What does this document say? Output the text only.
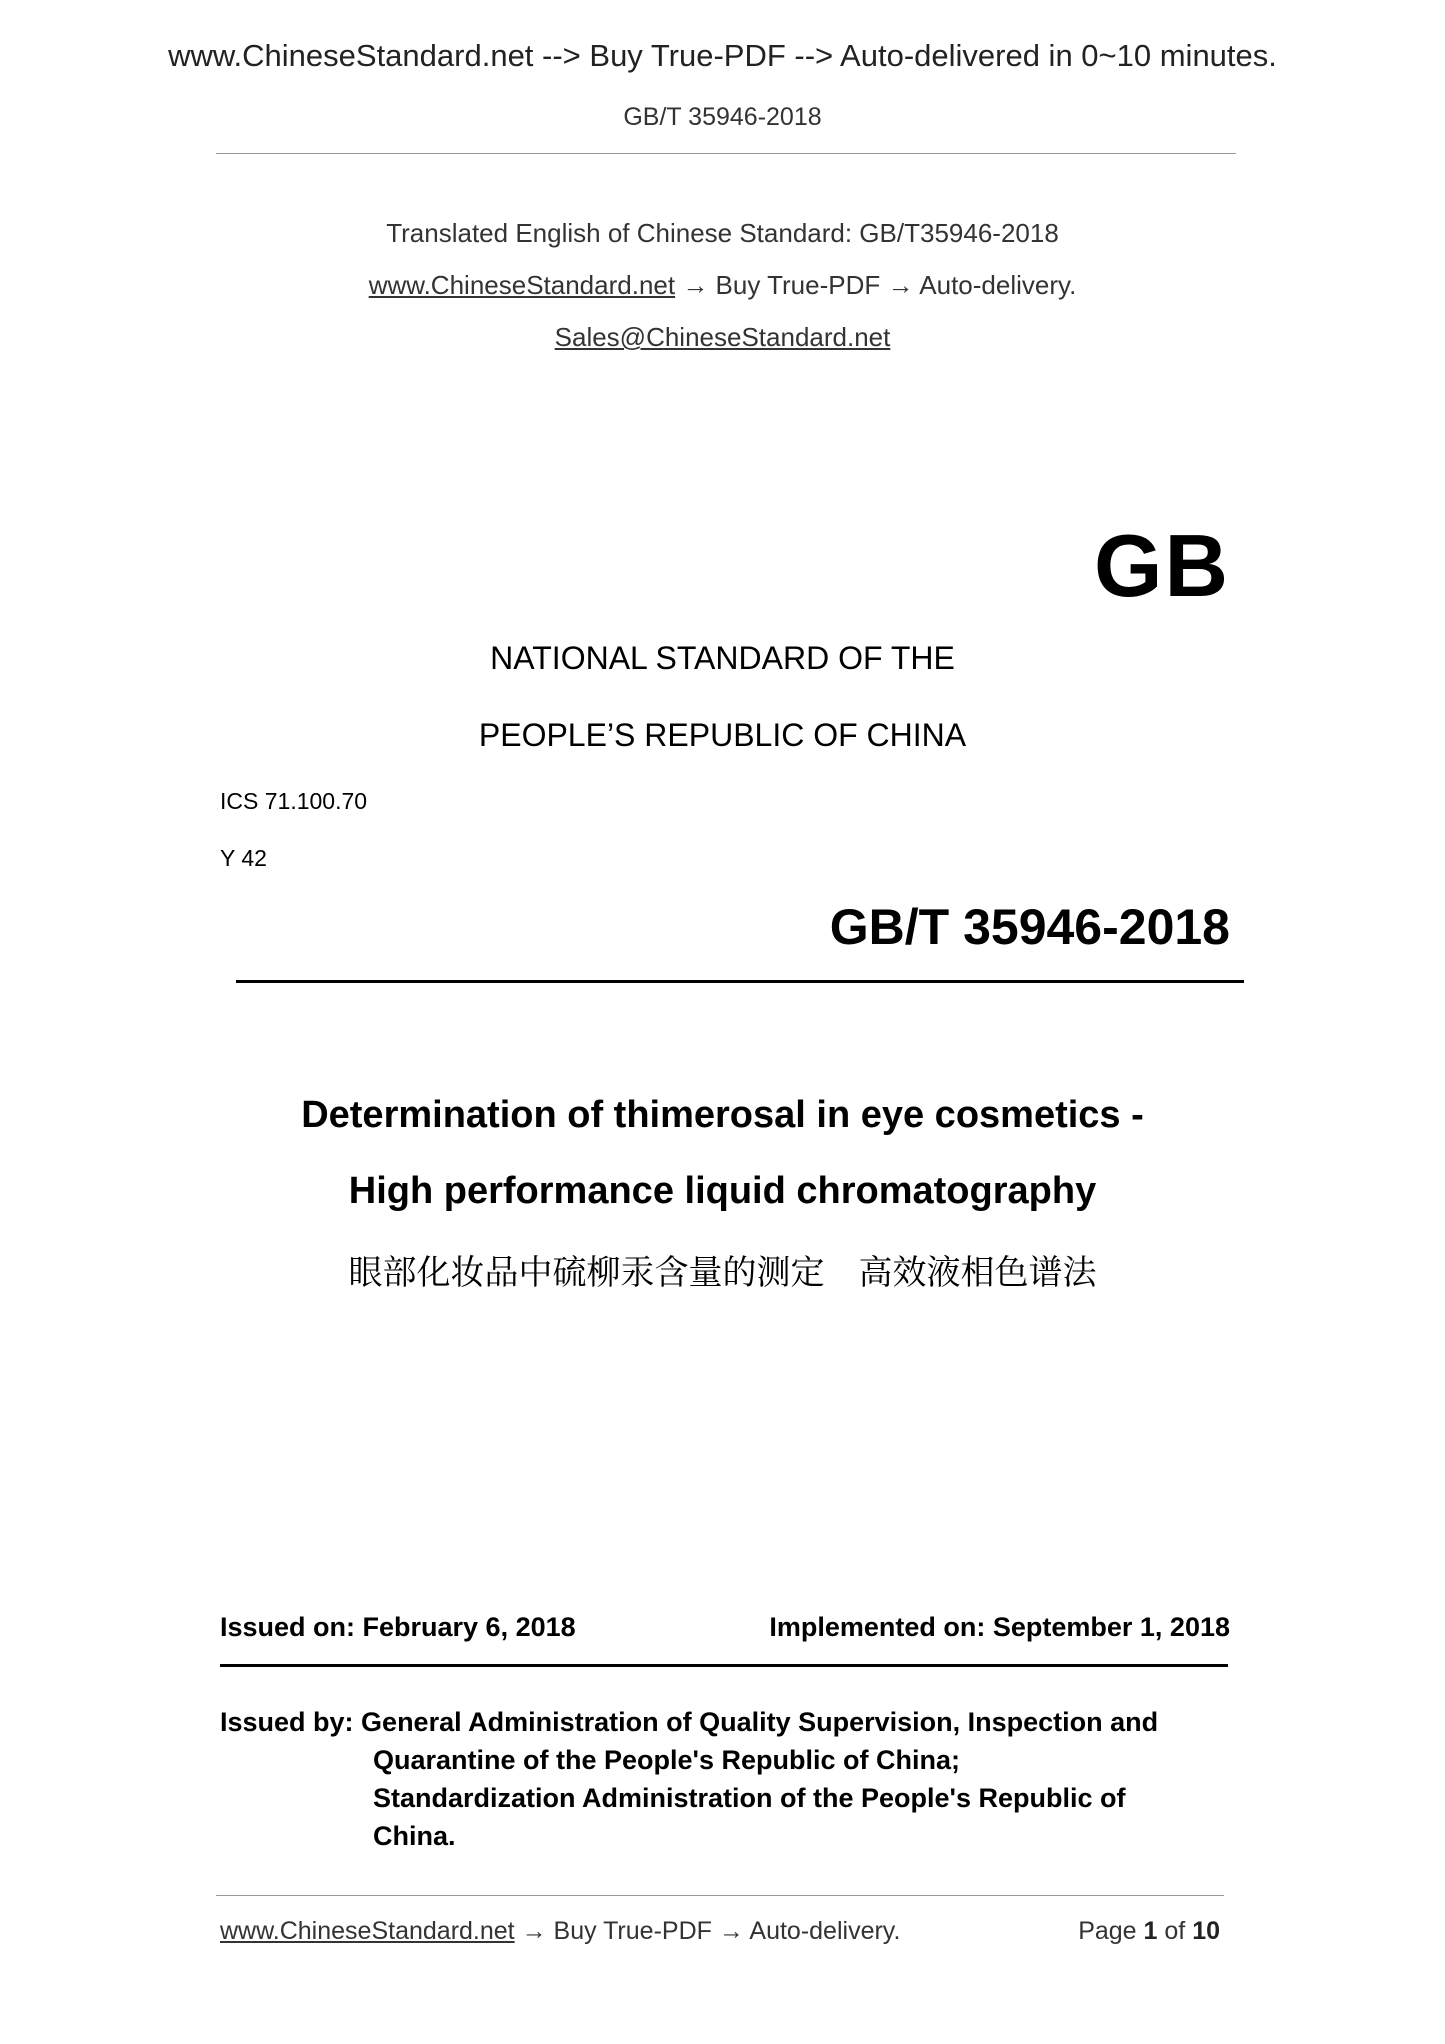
www.ChineseStandard.net --> Buy True-PDF --> Auto-delivered in 0~10 minutes.
GB/T 35946-2018
Translated English of Chinese Standard: GB/T35946-2018
www.ChineseStandard.net → Buy True-PDF → Auto-delivery.
Sales@ChineseStandard.net
GB
NATIONAL STANDARD OF THE
PEOPLE’S REPUBLIC OF CHINA
ICS 71.100.70
Y 42
GB/T 35946-2018
Determination of thimerosal in eye cosmetics -
High performance liquid chromatography
眼部化妆品中硫柳汞含量的测定　高效液相色谱法
Issued on: February 6, 2018	Implemented on: September 1, 2018
Issued by: General Administration of Quality Supervision, Inspection and
Quarantine of the People's Republic of China;
Standardization Administration of the People's Republic of
China.
www.ChineseStandard.net → Buy True-PDF → Auto-delivery.	Page 1 of 10
